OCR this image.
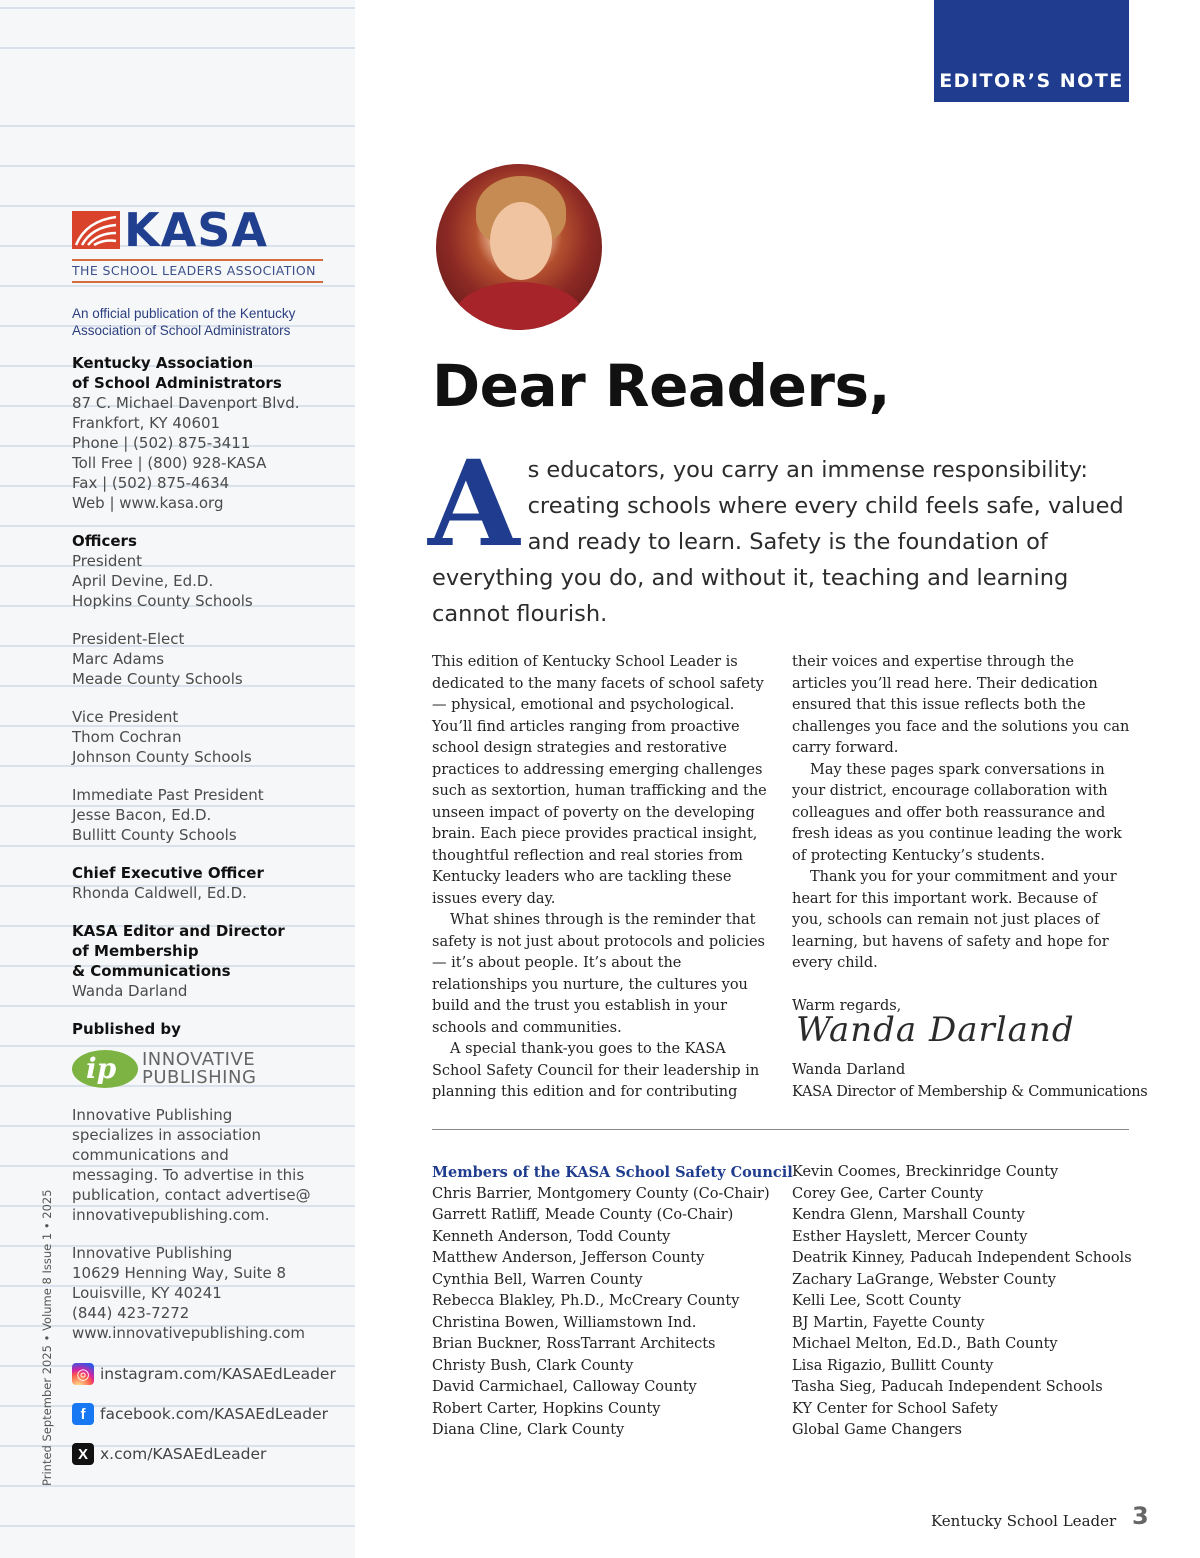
KASA
THE SCHOOL LEADERS ASSOCIATION
An official publication of the Kentucky
Association of School Administrators
Kentucky Association
of School Administrators
87 C. Michael Davenport Blvd.
Frankfort, KY 40601
Phone | (502) 875-3411
Toll Free | (800) 928-KASA
Fax | (502) 875-4634
Web | www.kasa.org
Officers
President
April Devine, Ed.D.
Hopkins County Schools
President-Elect
Marc Adams
Meade County Schools
Vice President
Thom Cochran
Johnson County Schools
Immediate Past President
Jesse Bacon, Ed.D.
Bullitt County Schools
Chief Executive Officer
Rhonda Caldwell, Ed.D.
KASA Editor and Director
of Membership
& Communications
Wanda Darland
Published by
ip INNOVATIVE
PUBLISHING
Innovative Publishing
specializes in association
communications and
messaging. To advertise in this
publication, contact advertise@
innovativepublishing.com.
Innovative Publishing
10629 Henning Way, Suite 8
Louisville, KY 40241
(844) 423-7272
www.innovativepublishing.com
◎ instagram.com/KASAEdLeader
f facebook.com/KASAEdLeader
X x.com/KASAEdLeader
Printed September 2025 • Volume 8 Issue 1 • 2025
EDITOR’S NOTE
Dear Readers,
A s educators, you carry an immense responsibility: creating schools where every child feels safe, valued and ready to learn. Safety is the foundation of everything you do, and without it, teaching and learning cannot flourish.

This edition of Kentucky School Leader is dedicated to the many facets of school safety — physical, emotional and psychological. You’ll find articles ranging from proactive school design strategies and restorative practices to addressing emerging challenges such as sextortion, human trafficking and the unseen impact of poverty on the developing brain. Each piece provides practical insight, thoughtful reflection and real stories from Kentucky leaders who are tackling these issues every day.

What shines through is the reminder that safety is not just about protocols and policies — it’s about people. It’s about the relationships you nurture, the cultures you build and the trust you establish in your schools and communities.

A special thank-you goes to the KASA School Safety Council for their leadership in planning this edition and for contributing

their voices and expertise through the articles you’ll read here. Their dedication ensured that this issue reflects both the challenges you face and the solutions you can carry forward.

May these pages spark conversations in your district, encourage collaboration with colleagues and offer both reassurance and fresh ideas as you continue leading the work of protecting Kentucky’s students.

Thank you for your commitment and your heart for this important work. Because of you, schools can remain not just places of learning, but havens of safety and hope for every child.

Warm regards,

Wanda Darland
Wanda Darland
KASA Director of Membership & Communications
Members of the KASA School Safety Council
Chris Barrier, Montgomery County (Co-Chair)
Garrett Ratliff, Meade County (Co-Chair)
Kenneth Anderson, Todd County
Matthew Anderson, Jefferson County
Cynthia Bell, Warren County
Rebecca Blakley, Ph.D., McCreary County
Christina Bowen, Williamstown Ind.
Brian Buckner, RossTarrant Architects
Christy Bush, Clark County
David Carmichael, Calloway County
Robert Carter, Hopkins County
Diana Cline, Clark County
Kevin Coomes, Breckinridge County
Corey Gee, Carter County
Kendra Glenn, Marshall County
Esther Hayslett, Mercer County
Deatrik Kinney, Paducah Independent Schools
Zachary LaGrange, Webster County
Kelli Lee, Scott County
BJ Martin, Fayette County
Michael Melton, Ed.D., Bath County
Lisa Rigazio, Bullitt County
Tasha Sieg, Paducah Independent Schools
KY Center for School Safety
Global Game Changers
Kentucky School Leader 3
